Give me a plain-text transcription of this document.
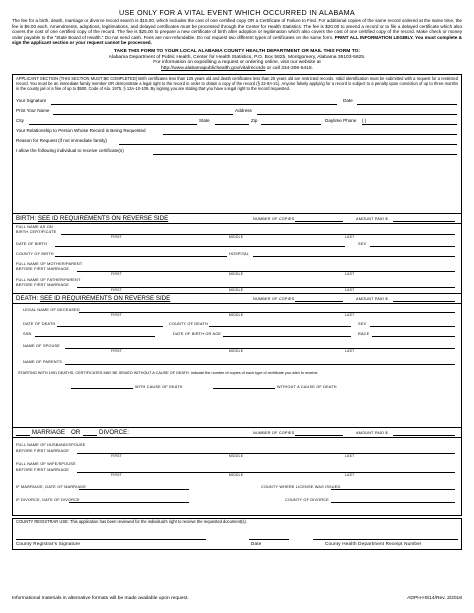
USE ONLY FOR A VITAL EVENT WHICH OCCURRED IN ALABAMA
The fee for a birth, death, marriage or divorce record search is $15.00, which includes the cost of one certified copy OR a Certificate of Failure to Find. For additional copies of the same record ordered at the same time, the fee is $6.00 each. Amendments, adoptions, legitimations, and delayed certificates must be processed through the Center for Health Statistics. The fee is $20.00 to amend a record or to file a delayed certificate which also covers the cost of one certified copy of the record. The fee is $25.00 to prepare a new certificate of birth after adoption or legitimation which also covers the cost of one certified copy of the record. Make check or money order payable to the "State Board of Health." Do not send cash. Fees are non-refundable. Do not request two different types of certificates on the same form. PRINT ALL INFORMATION LEGIBLY. You must complete & sign the applicant section or your request cannot be processed.
TAKE THIS FORM TO YOUR LOCAL ALABAMA COUNTY HEALTH DEPARTMENT OR MAIL THIS FORM TO:
Alabama Department of Public Health, Center for Health Statistics, P.O. Box 5625, Montgomery, Alabama 36103-5625.
For information on expediting a request or ordering online, visit our website at
http://www.alabamapublichealth.gov/vitalrecords or call 334-206-5418.
APPLICANT SECTION (THIS SECTION MUST BE COMPLETED) Birth certificates less than 125 years old and death certificates less than 25 years old are restricted records. Valid identification must be submitted with a request for a restricted record. You must be an immediate family member OR demonstrate a legal right to the record in order to obtain a copy of the record (§ 22-9A-21). Anyone falsely applying for a record is subject to a penalty upon conviction of up to three months in the county jail or a fine of up to $500. Code of Ala. 1975, § 13A-10-109. By signing you are stating that you have a legal right to the record requested.
Your Signature	Date
Print Your Name	Address
City	State	Zip	Daytime Phone ( )
Your Relationship to Person Whose Record is Being Requested
Reason for Request (if not immediate family)
I allow the following individual to receive certificate(s)
BIRTH: SEE ID REQUIREMENTS ON REVERSE SIDE	NUMBER OF COPIES	AMOUNT PAID $
FULL NAME AS ON
BIRTH CERTIFICATE
FIRST	MIDDLE	LAST
DATE OF BIRTH	SEX
COUNTY OF BIRTH	HOSPITAL
FULL NAME OF MOTHER/PARENT
BEFORE FIRST MARRIAGE
FIRST	MIDDLE	LAST
FULL NAME OF FATHER/PARENT
BEFORE FIRST MARRIAGE
FIRST	MIDDLE	LAST
DEATH: SEE ID REQUIREMENTS ON REVERSE SIDE	NUMBER OF COPIES	AMOUNT PAID $
LEGAL NAME OF DECEASED
FIRST	MIDDLE	LAST
DATE OF DEATH	COUNTY OF DEATH	SEX
SSN	DATE OF BIRTH OR AGE	RACE
NAME OF SPOUSE
FIRST	MIDDLE	LAST
NAME OF PARENTS
STARTING WITH 1991 DEATHS, CERTIFICATES MAY BE ISSUED WITHOUT A CAUSE OF DEATH. Indicate the number of copies of each type of certificate you wish to receive:
WITH CAUSE OF DEATH	WITHOUT A CAUSE OF DEATH
MARRIAGE OR	DIVORCE:	NUMBER OF COPIES	AMOUNT PAID $
FULL NAME OF HUSBAND/SPOUSE
BEFORE FIRST MARRIAGE
FIRST	MIDDLE	LAST
FULL NAME OF WIFE/SPOUSE
BEFORE FIRST MARRIAGE
FIRST	MIDDLE	LAST
IF MARRIAGE, DATE OF MARRIAGE	COUNTY WHERE LICENSE WAS ISSUED
IF DIVORCE, DATE OF DIVORCE	COUNTY OF DIVORCE
COUNTY REGISTRAR USE: This application has been reviewed for the individual's right to receive the requested document(s).
County Registrar's Signature	Date	County Health Department Receipt Number
Informational materials in alternative formats will be made available upon request.	ADPH-HS14/Rev. 3/2018
